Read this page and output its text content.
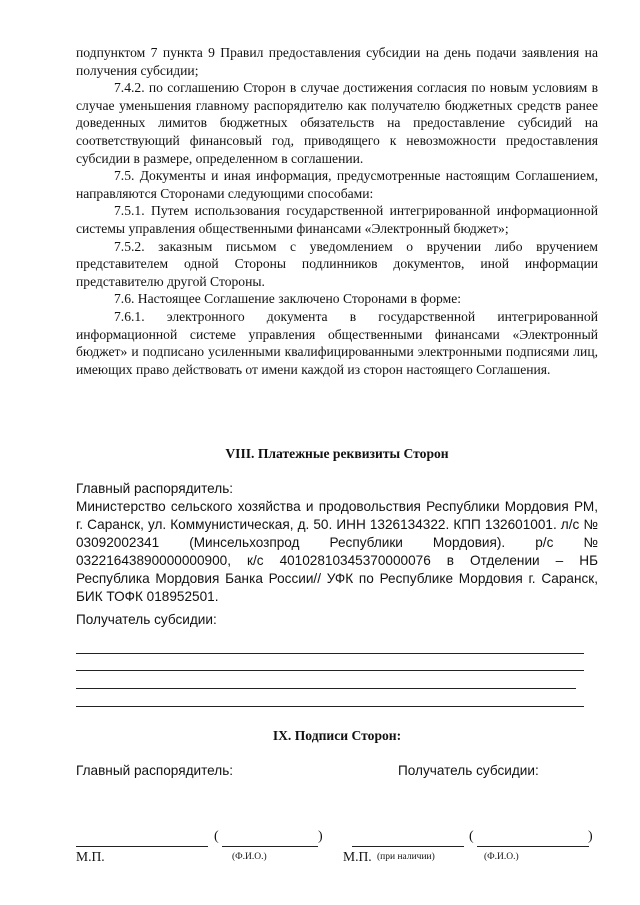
подпунктом 7 пункта 9 Правил предоставления субсидии на день подачи заявления на получения субсидии;

7.4.2. по соглашению Сторон в случае достижения согласия по новым условиям в случае уменьшения главному распорядителю как получателю бюджетных средств ранее доведенных лимитов бюджетных обязательств на предоставление субсидий на соответствующий финансовый год, приводящего к невозможности предоставления субсидии в размере, определенном в соглашении.

7.5. Документы и иная информация, предусмотренные настоящим Соглашением, направляются Сторонами следующими способами:

7.5.1. Путем использования государственной интегрированной информационной системы управления общественными финансами «Электронный бюджет»;

7.5.2. заказным письмом с уведомлением о вручении либо вручением представителем одной Стороны подлинников документов, иной информации представителю другой Стороны.

7.6. Настоящее Соглашение заключено Сторонами в форме:

7.6.1. электронного документа в государственной интегрированной информационной системе управления общественными финансами «Электронный бюджет» и подписано усиленными квалифицированными электронными подписями лиц, имеющих право действовать от имени каждой из сторон настоящего Соглашения.

VIII. Платежные реквизиты Сторон

Главный распорядитель:

Министерство сельского хозяйства и продовольствия Республики Мордовия РМ, г. Саранск, ул. Коммунистическая, д. 50. ИНН 1326134322. КПП 132601001. л/с № 03092002341 (Минсельхозпрод Республики Мордовия). р/с № 03221643890000000900, к/с 40102810345370000076 в Отделении – НБ Республика Мордовия Банка России// УФК по Республике Мордовия г. Саранск, БИК ТОФК 018952501.

Получатель субсидии:
IX. Подписи Сторон:
Главный распорядитель:	Получатель субсидии:
(	)
М.П.	(Ф.И.О.)
(	)
М.П. (при наличии)	(Ф.И.О.)
